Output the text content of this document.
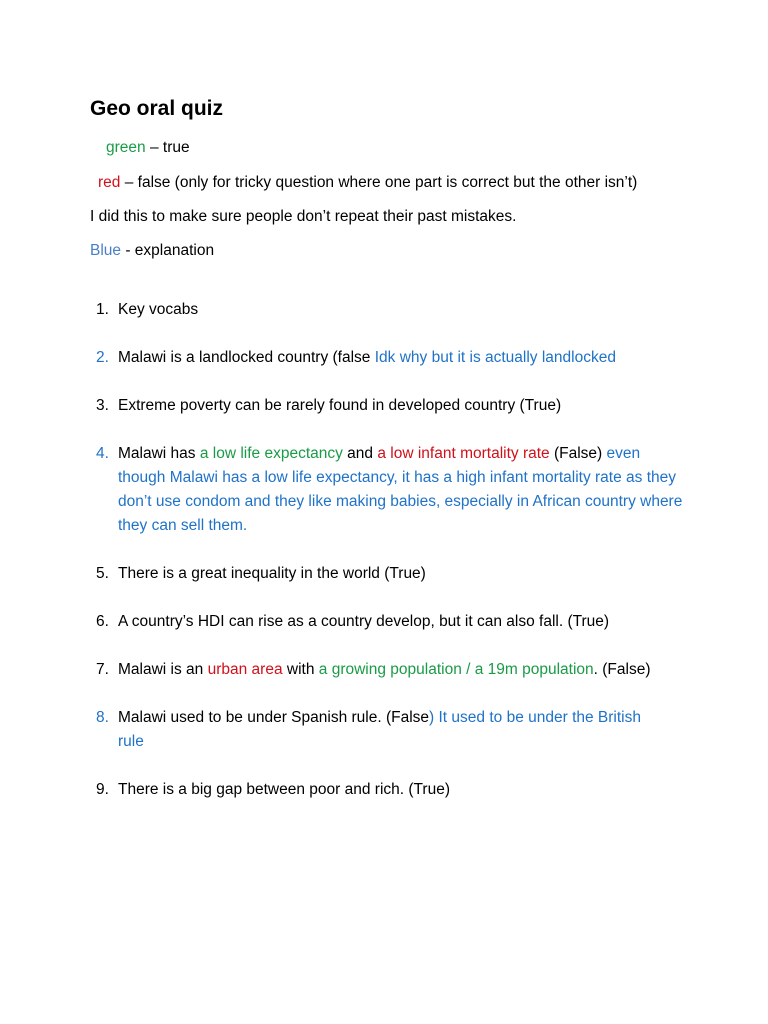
Geo oral quiz
green – true
red – false (only for tricky question where one part is correct but the other isn’t)
I did this to make sure people don’t repeat their past mistakes.
Blue - explanation
1. Key vocabs
2. Malawi is a landlocked country (false Idk why but it is actually landlocked
3. Extreme poverty can be rarely found in developed country (True)
4. Malawi has a low life expectancy and a low infant mortality rate (False) even though Malawi has a low life expectancy, it has a high infant mortality rate as they don’t use condom and they like making babies, especially in African country where they can sell them.
5. There is a great inequality in the world (True)
6. A country’s HDI can rise as a country develop, but it can also fall. (True)
7. Malawi is an urban area with a growing population / a 19m population. (False)
8. Malawi used to be under Spanish rule. (False) It used to be under the British rule
9. There is a big gap between poor and rich. (True)
